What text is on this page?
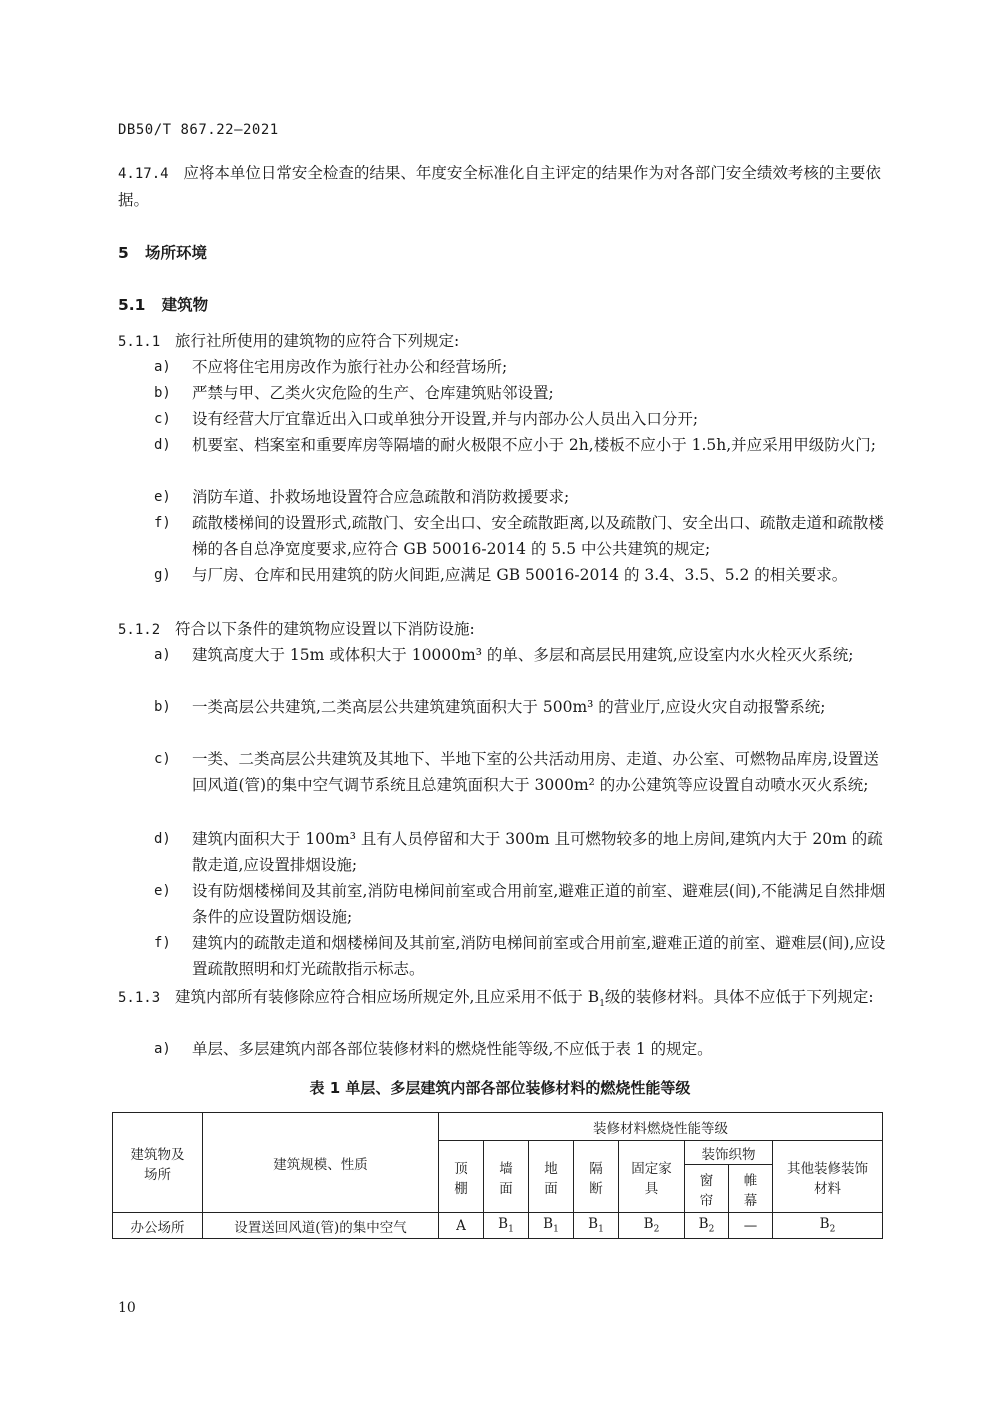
DB50/T 867.22—2021
4.17.4 应将本单位日常安全检查的结果、年度安全标准化自主评定的结果作为对各部门安全绩效考核的主要依据。
5 场所环境
5.1 建筑物
5.1.1 旅行社所使用的建筑物的应符合下列规定:
a) 不应将住宅用房改作为旅行社办公和经营场所;
b) 严禁与甲、乙类火灾危险的生产、仓库建筑贴邻设置;
c) 设有经营大厅宜靠近出入口或单独分开设置,并与内部办公人员出入口分开;
d) 机要室、档案室和重要库房等隔墙的耐火极限不应小于 2h,楼板不应小于 1.5h,并应采用甲级防火门;
e) 消防车道、扑救场地设置符合应急疏散和消防救援要求;
f) 疏散楼梯间的设置形式,疏散门、安全出口、安全疏散距离,以及疏散门、安全出口、疏散走道和疏散楼梯的各自总净宽度要求,应符合 GB 50016-2014 的 5.5 中公共建筑的规定;
g) 与厂房、仓库和民用建筑的防火间距,应满足 GB 50016-2014 的 3.4、3.5、5.2 的相关要求。
5.1.2 符合以下条件的建筑物应设置以下消防设施:
a) 建筑高度大于 15m 或体积大于 10000m³ 的单、多层和高层民用建筑,应设室内水火栓灭火系统;
b) 一类高层公共建筑,二类高层公共建筑建筑面积大于 500m³ 的营业厅,应设火灾自动报警系统;
c) 一类、二类高层公共建筑及其地下、半地下室的公共活动用房、走道、办公室、可燃物品库房,设置送回风道(管)的集中空气调节系统且总建筑面积大于 3000m² 的办公建筑等应设置自动喷水灭火系统;
d) 建筑内面积大于 100m³ 且有人员停留和大于 300m 且可燃物较多的地上房间,建筑内大于 20m 的疏散走道,应设置排烟设施;
e) 设有防烟楼梯间及其前室,消防电梯间前室或合用前室,避难正道的前室、避难层(间),不能满足自然排烟条件的应设置防烟设施;
f) 建筑内的疏散走道和烟楼梯间及其前室,消防电梯间前室或合用前室,避难正道的前室、避难层(间),应设置疏散照明和灯光疏散指示标志。
5.1.3 建筑内部所有装修除应符合相应场所规定外,且应采用不低于 $B_1$级的装修材料。具体不应低于下列规定:
a) 单层、多层建筑内部各部位装修材料的燃烧性能等级,不应低于表 1 的规定。
表 1 单层、多层建筑内部各部位装修材料的燃烧性能等级
建筑物及场所	建筑规模、性质	装修材料燃烧性能等级							
		顶棚	墙面	地面	隔断	固定家具	装饰织物		其他装修装饰材料
							窗帘	帷幕	
办公场所	设置送回风道(管)的集中空气	A	$B_1$	$B_1$	$B_1$	$B_2$	$B_2$	—	$B_2$
10
